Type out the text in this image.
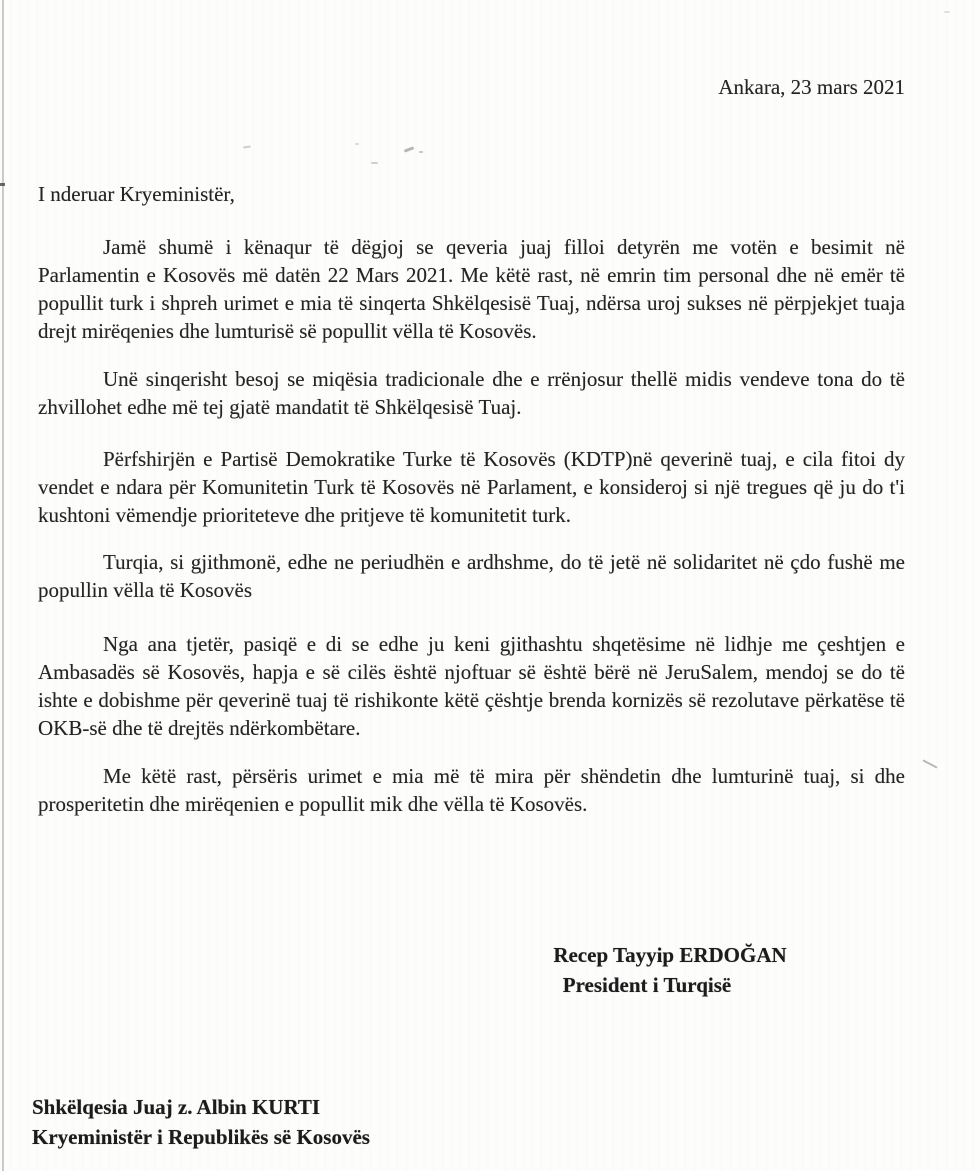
Ankara, 23 mars 2021
I nderuar Kryeministër,

Jamë shumë i kënaqur të dëgjoj se qeveria juaj filloi detyrën me votën e besimit në Parlamentin e Kosovës më datën 22 Mars 2021. Me këtë rast, në emrin tim personal dhe në emër të popullit turk i shpreh urimet e mia të sinqerta Shkëlqesisë Tuaj, ndërsa uroj sukses në përpjekjet tuaja drejt mirëqenies dhe lumturisë së popullit vëlla të Kosovës.

Unë sinqerisht besoj se miqësia tradicionale dhe e rrënjosur thellë midis vendeve tona do të zhvillohet edhe më tej gjatë mandatit të Shkëlqesisë Tuaj.

Përfshirjën e Partisë Demokratike Turke të Kosovës (KDTP)në qeverinë tuaj, e cila fitoi dy vendet e ndara për Komunitetin Turk të Kosovës në Parlament, e konsideroj si një tregues që ju do t'i kushtoni vëmendje prioriteteve dhe pritjeve të komunitetit turk.

Turqia, si gjithmonë, edhe ne periudhën e ardhshme, do të jetë në solidaritet në çdo fushë me popullin vëlla të Kosovës

Nga ana tjetër, pasiqë e di se edhe ju keni gjithashtu shqetësime në lidhje me çeshtjen e Ambasadës së Kosovës, hapja e së cilës është njoftuar së është bërë në JeruSalem, mendoj se do të ishte e dobishme për qeverinë tuaj të rishikonte këtë çështje brenda kornizës së rezolutave përkatëse të OKB-së dhe të drejtës ndërkombëtare.

Me këtë rast, përsëris urimet e mia më të mira për shëndetin dhe lumturinë tuaj, si dhe prosperitetin dhe mirëqenien e popullit mik dhe vëlla të Kosovës.

Recep Tayyip ERDOĞAN
President i Turqisë
Shkëlqesia Juaj z. Albin KURTI
Kryeministër i Republikës së Kosovës
